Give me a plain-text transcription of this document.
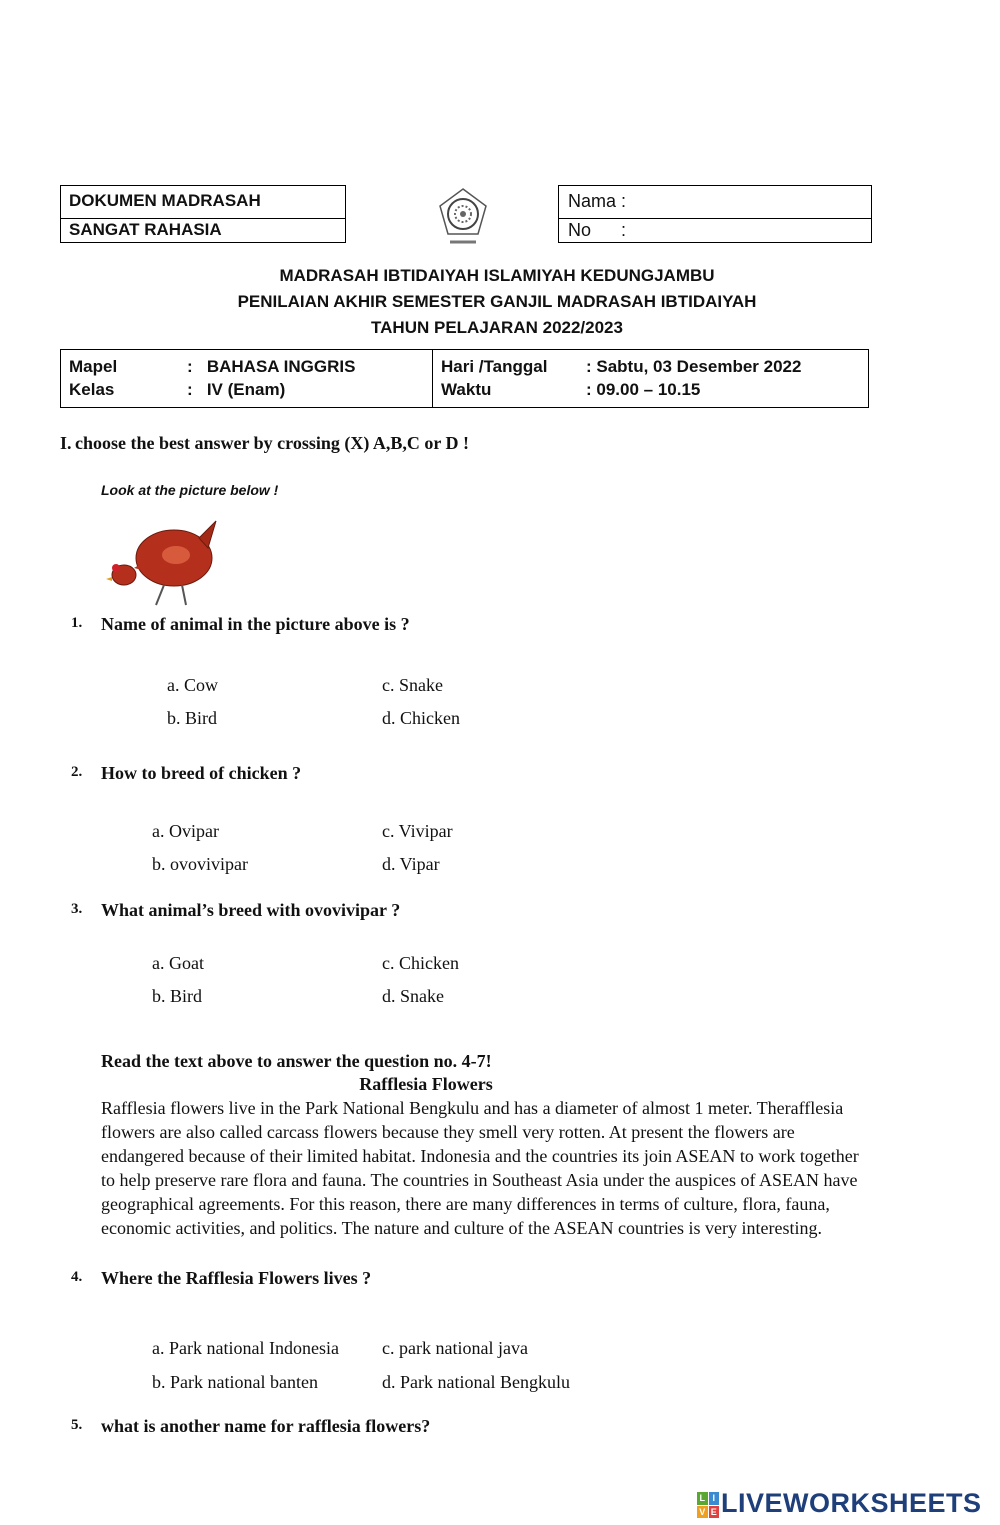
DOKUMEN MADRASAH
SANGAT RAHASIA
Nama :
No      :
MADRASAH IBTIDAIYAH ISLAMIYAH KEDUNGJAMBU
PENILAIAN AKHIR SEMESTER GANJIL MADRASAH IBTIDAIYAH
TAHUN PELAJARAN 2022/2023
Mapel	:   BAHASA INGGRIS
Kelas	:   IV (Enam)
Hari /Tanggal : Sabtu, 03 Desember 2022
Waktu	: 09.00 – 10.15
I. choose the best answer by crossing (X) A,B,C or D !
Look at the picture below !
1. Name of animal in the picture above is ?
a. Cow	c. Snake
b. Bird	d. Chicken
2. How to breed of chicken ?
a. Ovipar	c. Vivipar
b. ovovivipar	d. Vipar
3. What animal’s breed with ovovivipar ?
a. Goat	c. Chicken
b. Bird	d. Snake
Read the text above to answer the question no. 4-7!
Rafflesia Flowers
Rafflesia flowers live in the Park National Bengkulu and has a diameter of almost 1 meter. Therafflesia
flowers are also called carcass flowers because they smell very rotten. At present the flowers are
endangered because of their limited habitat. Indonesia and the countries its join ASEAN to work together
to help preserve rare flora and fauna. The countries in Southeast Asia under the auspices of ASEAN have
geographical agreements. For this reason, there are many differences in terms of culture, flora, fauna,
economic activities, and politics. The nature and culture of the ASEAN countries is very interesting.
4. Where the Rafflesia Flowers lives ?
a. Park national Indonesia c. park national java
b. Park national banten	d. Park national Bengkulu
5. what is another name for rafflesia flowers?
L I
V E LIVEWORKSHEETS
